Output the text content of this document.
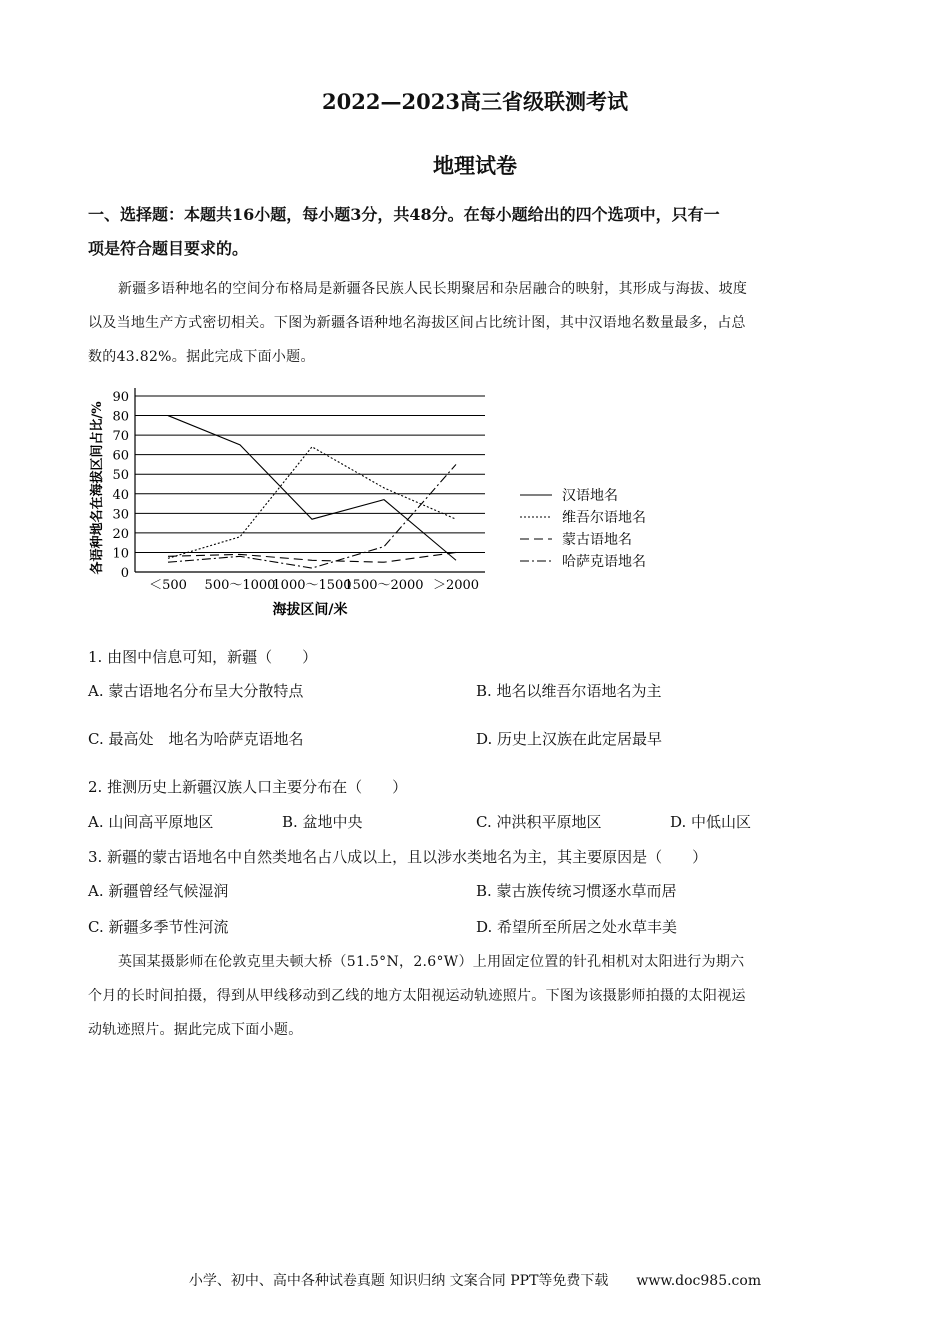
2022—2023高三省级联测考试
地理试卷
一、选择题：本题共16小题，每小题3分，共48分。在每小题给出的四个选项中，只有一
项是符合题目要求的。
新疆多语种地名的空间分布格局是新疆各民族人民长期聚居和杂居融合的映射，其形成与海拔、坡度
以及当地生产方式密切相关。下图为新疆各语种地名海拔区间占比统计图，其中汉语地名数量最多，占总
数的43.82%。据此完成下面小题。
0
10
20
30
40
50
60
70
80
90
＜500 500～1000
1000～1500
1500～2000 ＞2000
各语种地名在海拔区间占比/%
海拔区间/米
汉语地名
维吾尔语地名
蒙古语地名
哈萨克语地名
1. 由图中信息可知，新疆（　　）
A. 蒙古语地名分布呈大分散特点	B. 地名以维吾尔语地名为主
C. 最高处　地名为哈萨克语地名	D. 历史上汉族在此定居最早
2. 推测历史上新疆汉族人口主要分布在（　　）
A. 山间高平原地区	B. 盆地中央	C. 冲洪积平原地区	D. 中低山区
3. 新疆的蒙古语地名中自然类地名占八成以上，且以涉水类地名为主，其主要原因是（　　）
A. 新疆曾经气候湿润	B. 蒙古族传统习惯逐水草而居
C. 新疆多季节性河流	D. 希望所至所居之处水草丰美
英国某摄影师在伦敦克里夫顿大桥（51.5°N，2.6°W）上用固定位置的针孔相机对太阳进行为期六
个月的长时间拍摄，得到从甲线移动到乙线的地方太阳视运动轨迹照片。下图为该摄影师拍摄的太阳视运
动轨迹照片。据此完成下面小题。
小学、初中、高中各种试卷真题 知识归纳 文案合同 PPT等免费下载　　www.doc985.com
